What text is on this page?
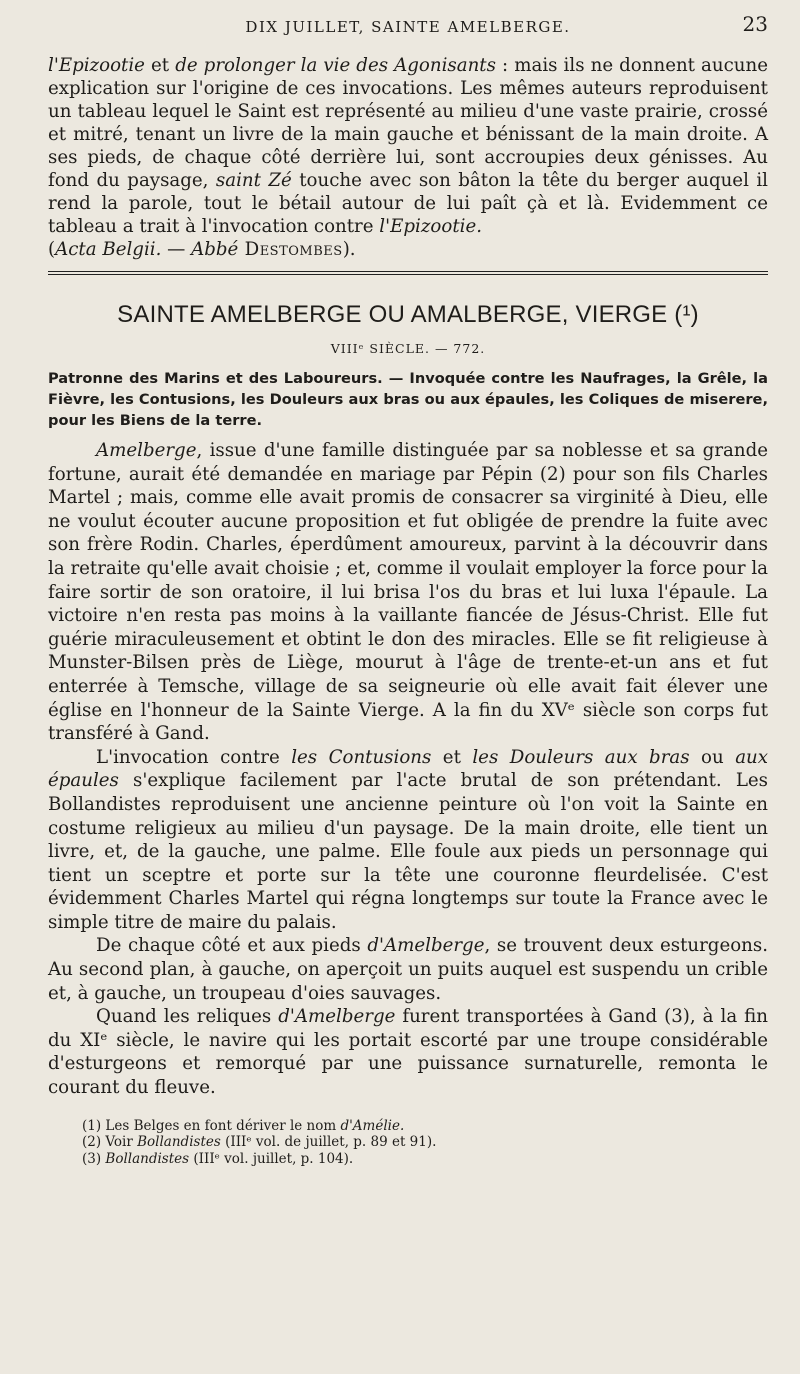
DIX JUILLET, SAINTE AMELBERGE.	23

l'Epizootie et de prolonger la vie des Agonisants : mais ils ne donnent aucune explication sur l'origine de ces invocations. Les mêmes auteurs reproduisent un tableau lequel le Saint est représenté au milieu d'une vaste prairie, crossé et mitré, tenant un livre de la main gauche et bénissant de la main droite. A ses pieds, de chaque côté derrière lui, sont accroupies deux génisses. Au fond du paysage, saint Zé touche avec son bâton la tête du berger auquel il rend la parole, tout le bétail autour de lui paît çà et là. Evidemment ce tableau a trait à l'invocation contre l'Epizootie.
(Acta Belgii. — Abbé Destombes).

SAINTE AMELBERGE OU AMALBERGE, VIERGE (¹)
VIIIᵉ SIÈCLE. — 772.

Patronne des Marins et des Laboureurs. — Invoquée contre les Naufrages, la Grêle, la Fièvre, les Contusions, les Douleurs aux bras ou aux épaules, les Coliques de miserere, pour les Biens de la terre.

Amelberge, issue d'une famille distinguée par sa noblesse et sa grande fortune, aurait été demandée en mariage par Pépin (2) pour son fils Charles Martel ; mais, comme elle avait promis de consacrer sa virginité à Dieu, elle ne voulut écouter aucune proposition et fut obligée de prendre la fuite avec son frère Rodin. Charles, éperdûment amoureux, parvint à la découvrir dans la retraite qu'elle avait choisie ; et, comme il voulait employer la force pour la faire sortir de son oratoire, il lui brisa l'os du bras et lui luxa l'épaule. La victoire n'en resta pas moins à la vaillante fiancée de Jésus-Christ. Elle fut guérie miraculeusement et obtint le don des miracles. Elle se fit religieuse à Munster-Bilsen près de Liège, mourut à l'âge de trente-et-un ans et fut enterrée à Temsche, village de sa seigneurie où elle avait fait élever une église en l'honneur de la Sainte Vierge. A la fin du XVᵉ siècle son corps fut transféré à Gand.

L'invocation contre les Contusions et les Douleurs aux bras ou aux épaules s'explique facilement par l'acte brutal de son prétendant. Les Bollandistes reproduisent une ancienne peinture où l'on voit la Sainte en costume religieux au milieu d'un paysage. De la main droite, elle tient un livre, et, de la gauche, une palme. Elle foule aux pieds un personnage qui tient un sceptre et porte sur la tête une couronne fleurdelisée. C'est évidemment Charles Martel qui régna longtemps sur toute la France avec le simple titre de maire du palais.

De chaque côté et aux pieds d'Amelberge, se trouvent deux esturgeons. Au second plan, à gauche, on aperçoit un puits auquel est suspendu un crible et, à gauche, un troupeau d'oies sauvages.

Quand les reliques d'Amelberge furent transportées à Gand (3), à la fin du XIᵉ siècle, le navire qui les portait escorté par une troupe considérable d'esturgeons et remorqué par une puissance surnaturelle, remonta le courant du fleuve.

(1) Les Belges en font dériver le nom d'Amélie.
(2) Voir Bollandistes (IIIᵉ vol. de juillet, p. 89 et 91).
(3) Bollandistes (IIIᵉ vol. juillet, p. 104).
